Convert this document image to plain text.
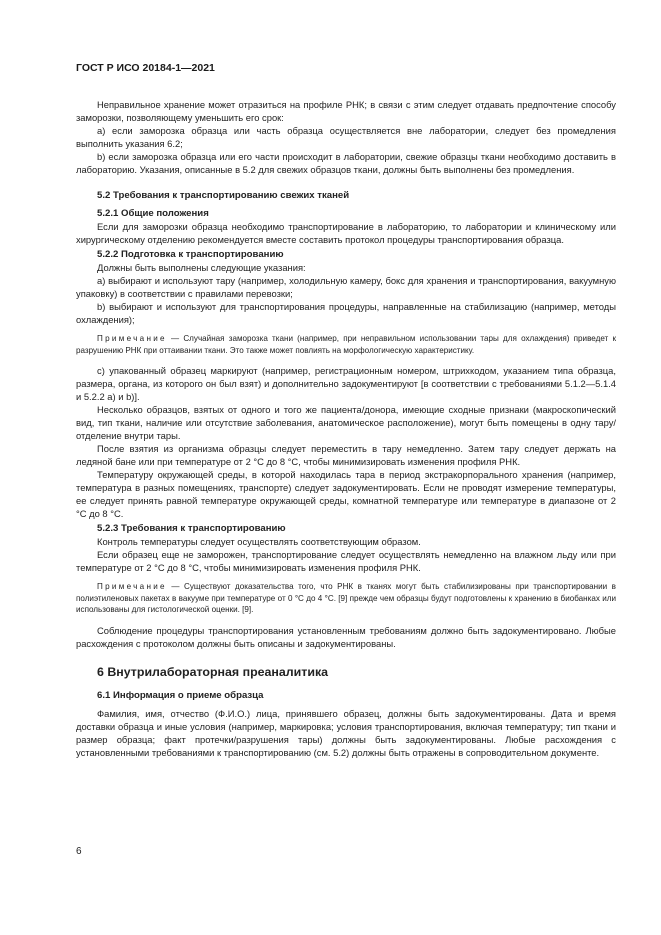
ГОСТ Р ИСО 20184-1—2021

Неправильное хранение может отразиться на профиле РНК; в связи с этим следует отдавать предпочтение способу заморозки, позволяющему уменьшить его срок:

a) если заморозка образца или часть образца осуществляется вне лаборатории, следует без промедления выполнить указания 6.2;

b) если заморозка образца или его части происходит в лаборатории, свежие образцы ткани необходимо доставить в лабораторию. Указания, описанные в 5.2 для свежих образцов ткани, должны быть выполнены без промедления.

5.2 Требования к транспортированию свежих тканей
5.2.1 Общие положения

Если для заморозки образца необходимо транспортирование в лабораторию, то лаборатории и клиническому или хирургическому отделению рекомендуется вместе составить протокол процедуры транспортирования образца.

5.2.2 Подготовка к транспортированию

Должны быть выполнены следующие указания:

a) выбирают и используют тару (например, холодильную камеру, бокс для хранения и транспортирования, вакуумную упаковку) в соответствии с правилами перевозки;

b) выбирают и используют для транспортирования процедуры, направленные на стабилизацию (например, методы охлаждения);

Примечание — Случайная заморозка ткани (например, при неправильном использовании тары для охлаждения) приведет к разрушению РНК при оттаивании ткани. Это также может повлиять на морфологическую характеристику.

c) упакованный образец маркируют (например, регистрационным номером, штрихкодом, указанием типа образца, размера, органа, из которого он был взят) и дополнительно задокументируют [в соответствии с требованиями 5.1.2—5.1.4 и 5.2.2 a) и b)].

Несколько образцов, взятых от одного и того же пациента/донора, имеющие сходные признаки (макроскопический вид, тип ткани, наличие или отсутствие заболевания, анатомическое расположение), могут быть помещены в одну тару/отделение внутри тары.

После взятия из организма образцы следует переместить в тару немедленно. Затем тару следует держать на ледяной бане или при температуре от 2 °C до 8 °C, чтобы минимизировать изменения профиля РНК.

Температуру окружающей среды, в которой находилась тара в период экстракорпорального хранения (например, температура в разных помещениях, транспорте) следует задокументировать. Если не проводят измерение температуры, ее следует принять равной температуре окружающей среды, комнатной температуре или температуре в диапазоне от 2 °C до 8 °C.

5.2.3 Требования к транспортированию

Контроль температуры следует осуществлять соответствующим образом.

Если образец еще не заморожен, транспортирование следует осуществлять немедленно на влажном льду или при температуре от 2 °C до 8 °C, чтобы минимизировать изменения профиля РНК.

Примечание — Существуют доказательства того, что РНК в тканях могут быть стабилизированы при транспортировании в полиэтиленовых пакетах в вакууме при температуре от 0 °C до 4 °C. [9] прежде чем образцы будут подготовлены к хранению в биобанках или использованы для гистологической оценки. [9].

Соблюдение процедуры транспортирования установленным требованиям должно быть задокументировано. Любые расхождения с протоколом должны быть описаны и задокументированы.

6 Внутрилабораторная преаналитика
6.1 Информация о приеме образца

Фамилия, имя, отчество (Ф.И.О.) лица, принявшего образец, должны быть задокументированы. Дата и время доставки образца и иные условия (например, маркировка; условия транспортирования, включая температуру; тип ткани и размер образца; факт протечки/разрушения тары) должны быть задокументированы. Любые расхождения с установленными требованиями к транспортированию (см. 5.2) должны быть отражены в сопроводительном документе.

6
